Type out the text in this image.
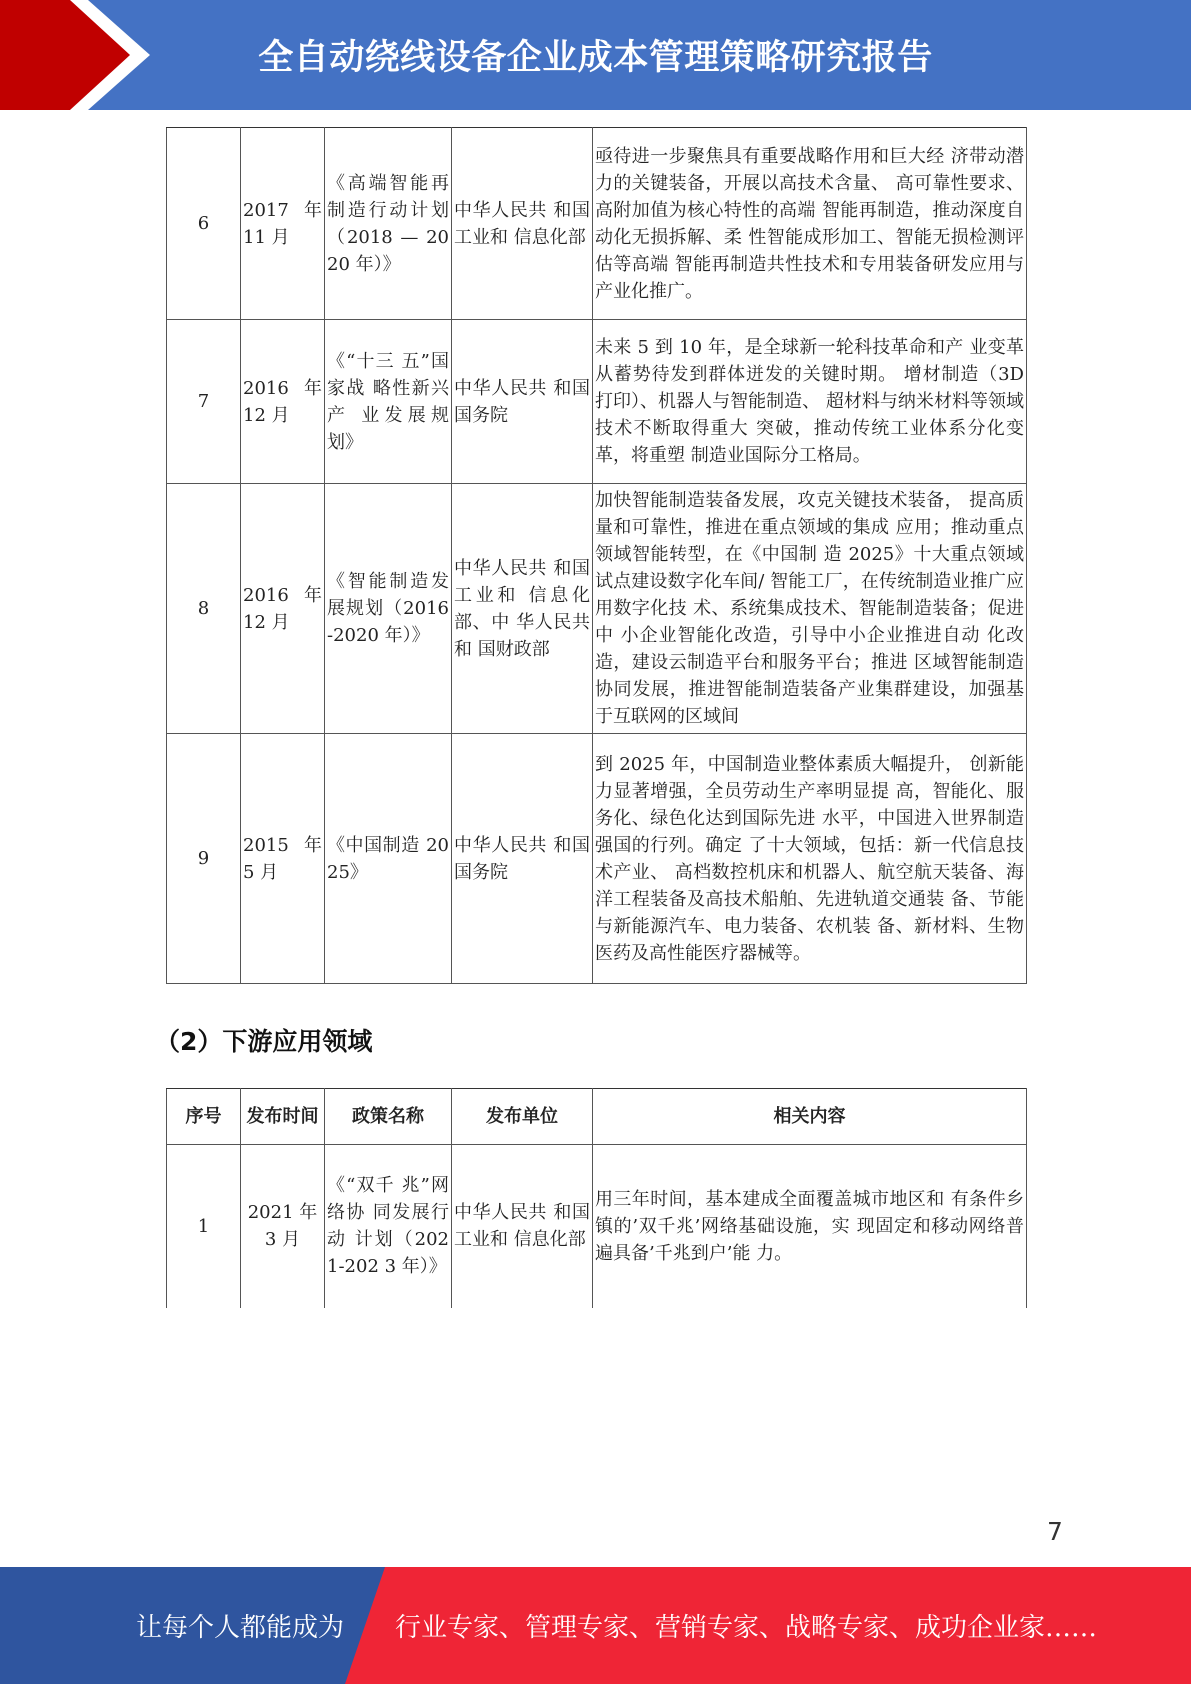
全自动绕线设备企业成本管理策略研究报告
6	2017 年 11 月	《高端智能再制造行动计划（2018 — 2020 年）》	中华人民共 和国工业和 信息化部	亟待进一步聚焦具有重要战略作用和巨大经 济带动潜力的关键装备，开展以高技术含量、 高可靠性要求、高附加值为核心特性的高端 智能再制造，推动深度自动化无损拆解、柔 性智能成形加工、智能无损检测评估等高端 智能再制造共性技术和专用装备研发应用与 产业化推广。
7	2016 年 12 月	《“十三 五”国家战 略性新兴产 业发展规 划》	中华人民共 和国国务院	未来 5 到 10 年，是全球新一轮科技革命和产 业变革从蓄势待发到群体迸发的关键时期。 增材制造（3D 打印）、机器人与智能制造、 超材料与纳米材料等领域技术不断取得重大 突破，推动传统工业体系分化变革，将重塑 制造业国际分工格局。
8	2016 年 12 月	《智能制造发展规划（2016-2020 年）》	中华人民共 和国工业和 信息化部、中 华人民共和 国财政部	加快智能制造装备发展，攻克关键技术装备， 提高质量和可靠性，推进在重点领域的集成 应用；推动重点领域智能转型，在《中国制 造 2025》十大重点领域试点建设数字化车间/ 智能工厂，在传统制造业推广应用数字化技 术、系统集成技术、智能制造装备；促进中 小企业智能化改造，引导中小企业推进自动 化改造，建设云制造平台和服务平台；推进 区域智能制造协同发展，推进智能制造装备产业集群建设，加强基于互联网的区域间
9	2015 年 5 月	《中国制造 2025》	中华人民共 和国国务院	到 2025 年，中国制造业整体素质大幅提升， 创新能力显著增强，全员劳动生产率明显提 高，智能化、服务化、绿色化达到国际先进 水平，中国进入世界制造强国的行列。确定 了十大领域，包括：新一代信息技术产业、 高档数控机床和机器人、航空航天装备、海 洋工程装备及高技术船舶、先进轨道交通装 备、节能与新能源汽车、电力装备、农机装 备、新材料、生物医药及高性能医疗器械等。
（2）下游应用领域
序号	发布时间	政策名称	发布单位	相关内容
1	2021 年 3 月	《“双千 兆”网络协 同发展行动 计划（2021-202 3 年）》	中华人民共 和国工业和 信息化部	用三年时间，基本建成全面覆盖城市地区和 有条件乡镇的’双千兆’网络基础设施，实 现固定和移动网络普遍具备’千兆到户’能 力。
7
让每个人都能成为	行业专家、管理专家、营销专家、战略专家、成功企业家……
